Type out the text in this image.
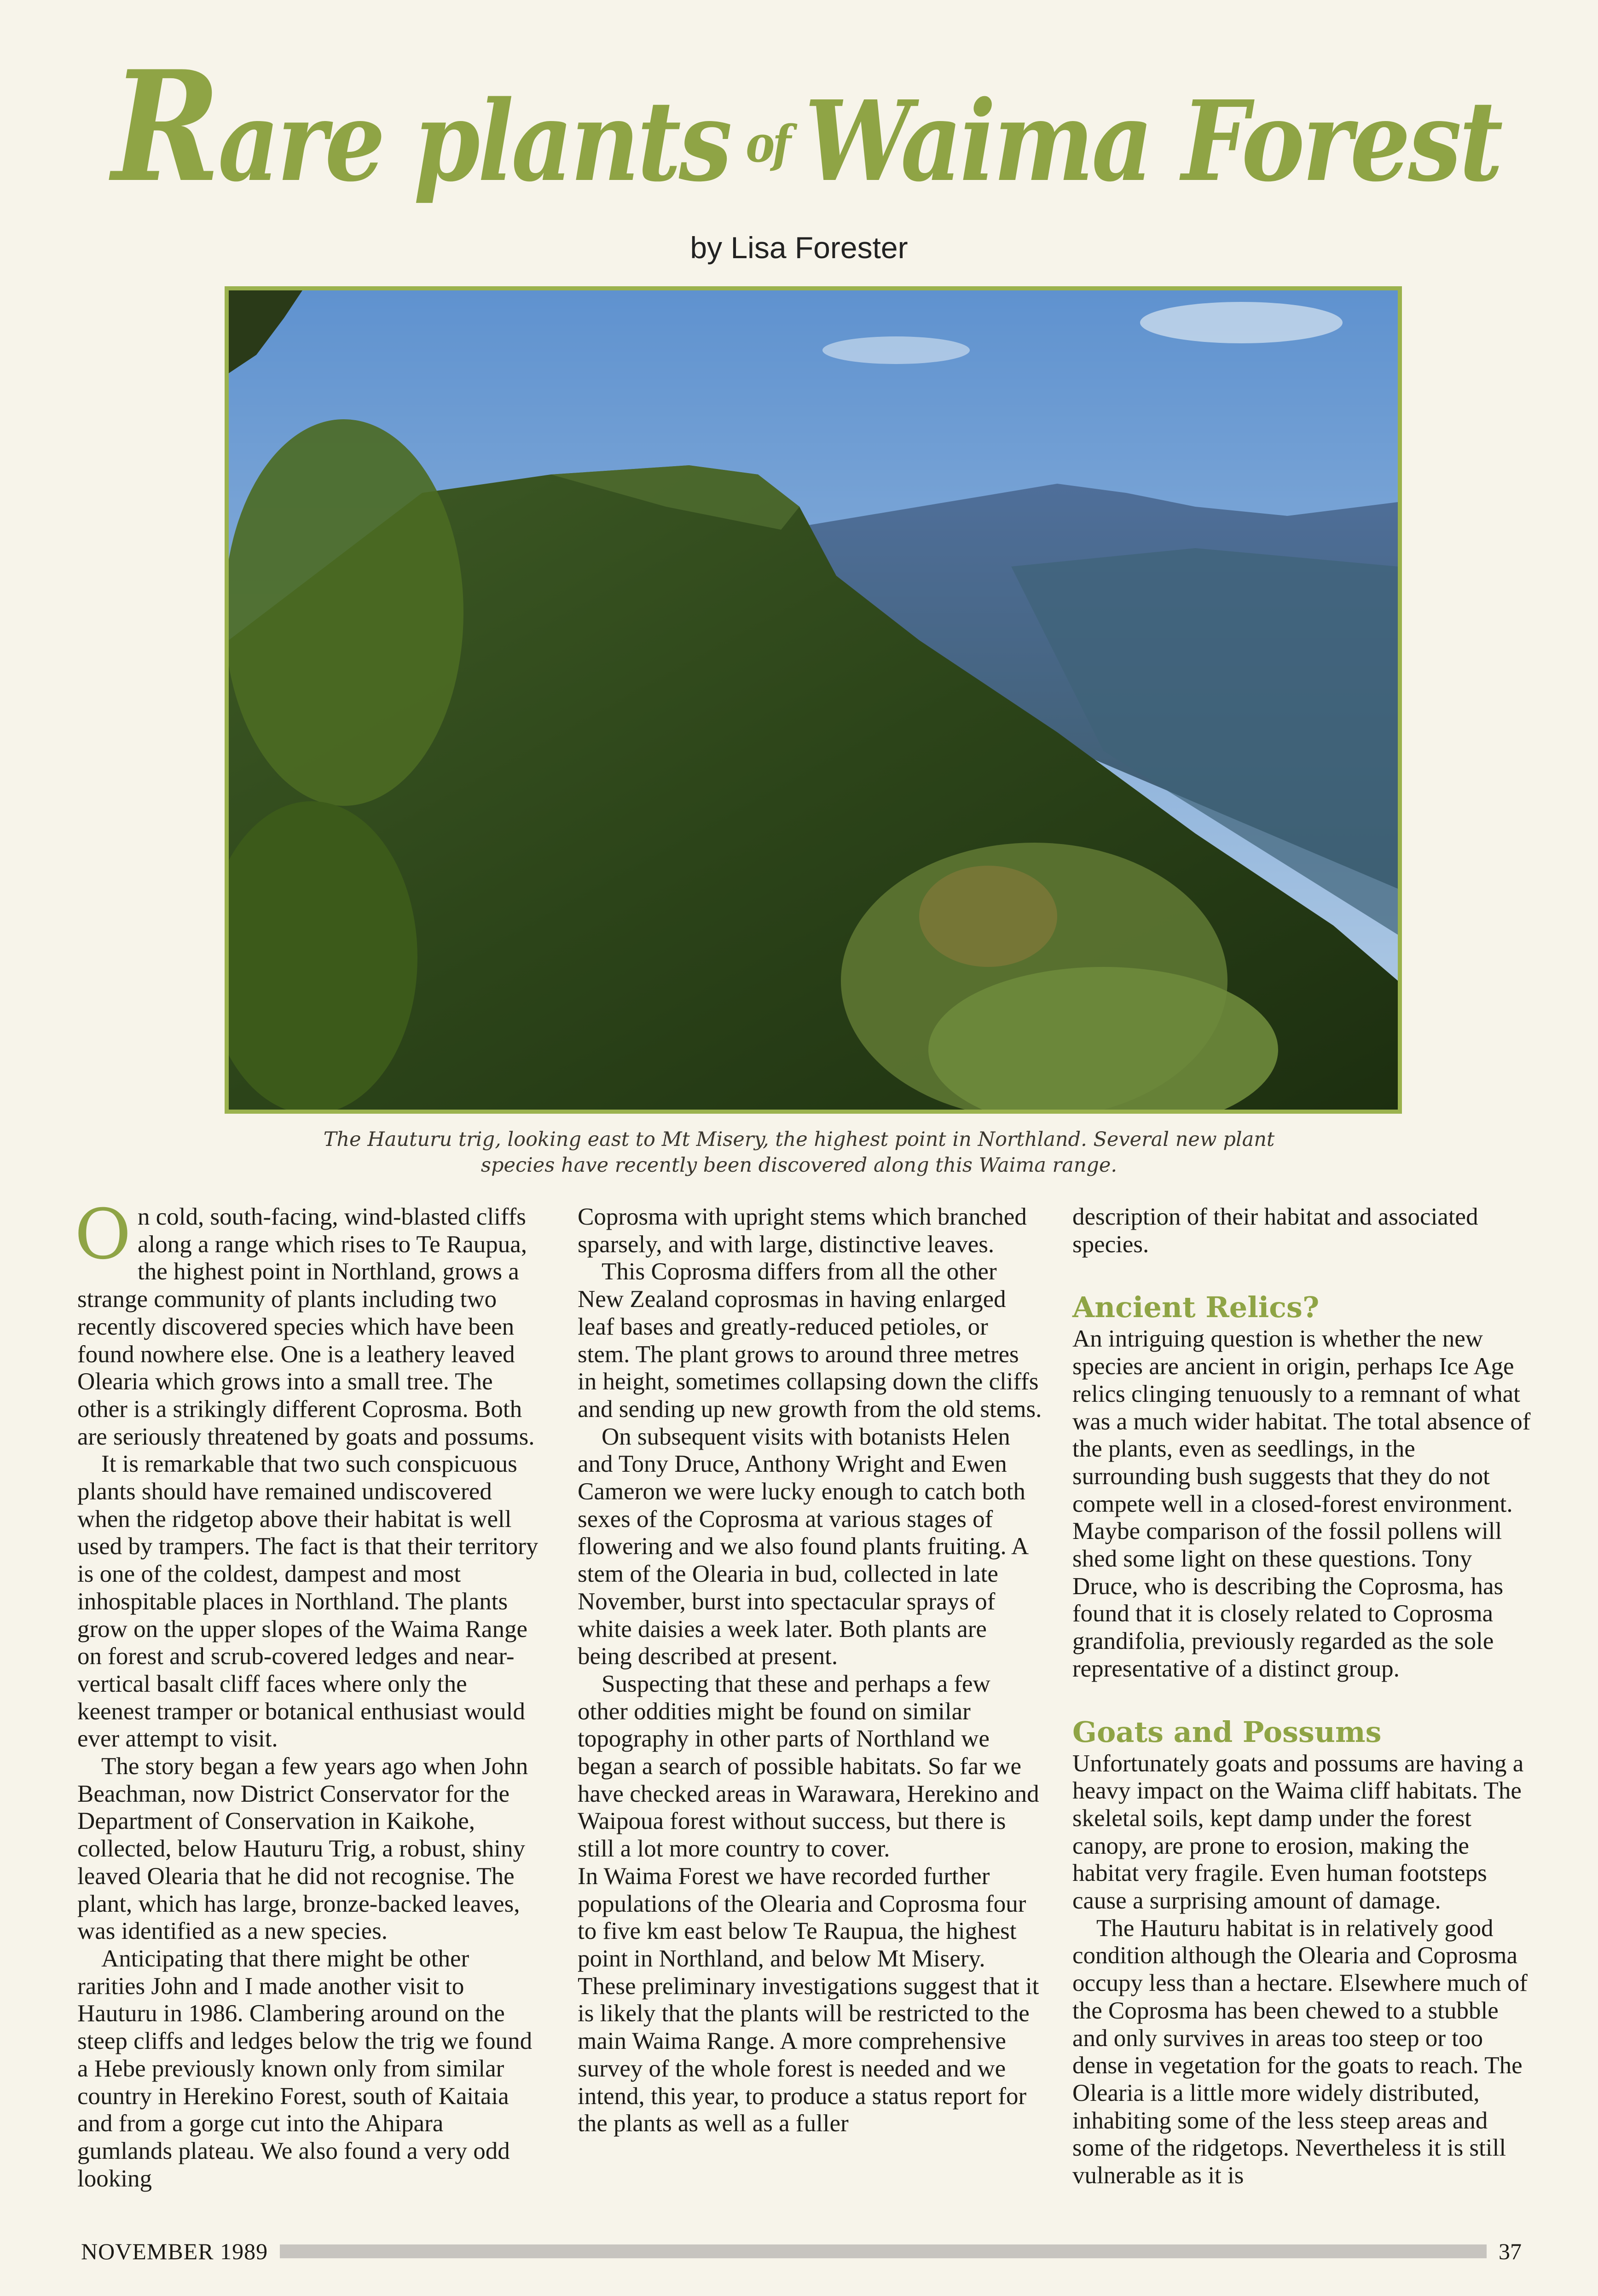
Rare plants of Waima Forest
by Lisa Forester
The Hauturu trig, looking east to Mt Misery, the highest point in Northland. Several new plant species have recently been discovered along this Waima range.

On cold, south-facing, wind-blasted cliffs along a range which rises to Te Raupua, the highest point in Northland, grows a strange community of plants including two recently discovered species which have been found nowhere else. One is a leathery leaved Olearia which grows into a small tree. The other is a strikingly different Coprosma. Both are seriously threatened by goats and possums.

It is remarkable that two such conspicuous plants should have remained undiscovered when the ridgetop above their habitat is well used by trampers. The fact is that their territory is one of the coldest, dampest and most inhospitable places in Northland. The plants grow on the upper slopes of the Waima Range on forest and scrub-covered ledges and near-vertical basalt cliff faces where only the keenest tramper or botanical enthusiast would ever attempt to visit.

The story began a few years ago when John Beachman, now District Conservator for the Department of Conservation in Kaikohe, collected, below Hauturu Trig, a robust, shiny leaved Olearia that he did not recognise. The plant, which has large, bronze-backed leaves, was identified as a new species.

Anticipating that there might be other rarities John and I made another visit to Hauturu in 1986. Clambering around on the steep cliffs and ledges below the trig we found a Hebe previously known only from similar country in Herekino Forest, south of Kaitaia and from a gorge cut into the Ahipara gumlands plateau. We also found a very odd looking

Coprosma with upright stems which branched sparsely, and with large, distinctive leaves.

This Coprosma differs from all the other New Zealand coprosmas in having enlarged leaf bases and greatly-reduced petioles, or stem. The plant grows to around three metres in height, sometimes collapsing down the cliffs and sending up new growth from the old stems.

On subsequent visits with botanists Helen and Tony Druce, Anthony Wright and Ewen Cameron we were lucky enough to catch both sexes of the Coprosma at various stages of flowering and we also found plants fruiting. A stem of the Olearia in bud, collected in late November, burst into spectacular sprays of white daisies a week later. Both plants are being described at present.

Suspecting that these and perhaps a few other oddities might be found on similar topography in other parts of Northland we began a search of possible habitats. So far we have checked areas in Warawara, Herekino and Waipoua forest without success, but there is still a lot more country to cover.

In Waima Forest we have recorded further populations of the Olearia and Coprosma four to five km east below Te Raupua, the highest point in Northland, and below Mt Misery. These preliminary investigations suggest that it is likely that the plants will be restricted to the main Waima Range. A more comprehensive survey of the whole forest is needed and we intend, this year, to produce a status report for the plants as well as a fuller

description of their habitat and associated species.

Ancient Relics?

An intriguing question is whether the new species are ancient in origin, perhaps Ice Age relics clinging tenuously to a remnant of what was a much wider habitat. The total absence of the plants, even as seedlings, in the surrounding bush suggests that they do not compete well in a closed-forest environment. Maybe comparison of the fossil pollens will shed some light on these questions. Tony Druce, who is describing the Coprosma, has found that it is closely related to Coprosma grandifolia, previously regarded as the sole representative of a distinct group.

Goats and Possums

Unfortunately goats and possums are having a heavy impact on the Waima cliff habitats. The skeletal soils, kept damp under the forest canopy, are prone to erosion, making the habitat very fragile. Even human footsteps cause a surprising amount of damage.

The Hauturu habitat is in relatively good condition although the Olearia and Coprosma occupy less than a hectare. Elsewhere much of the Coprosma has been chewed to a stubble and only survives in areas too steep or too dense in vegetation for the goats to reach. The Olearia is a little more widely distributed, inhabiting some of the less steep areas and some of the ridgetops. Nevertheless it is still vulnerable as it is

NOVEMBER 1989	37
